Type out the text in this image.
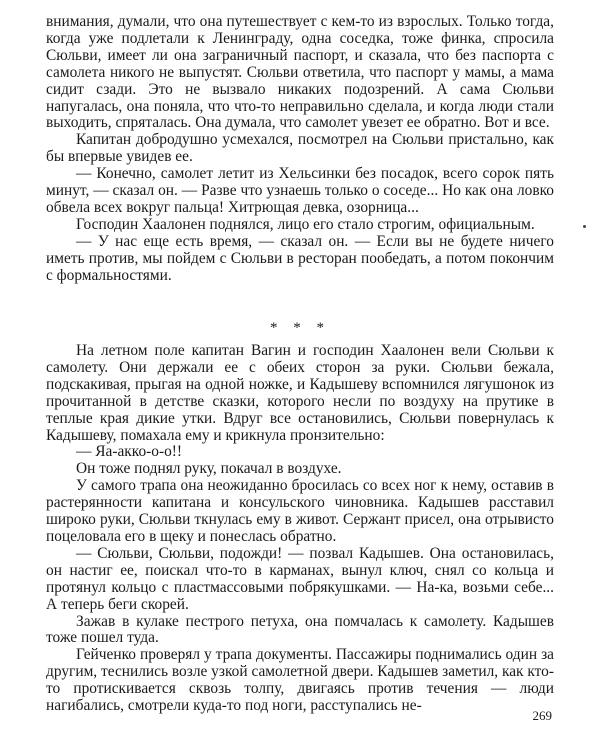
внимания, думали, что она путешествует с кем-то из взрослых. Только тогда, когда уже подлетали к Ленинграду, одна соседка, тоже финка, спросила Сюльви, имеет ли она заграничный паспорт, и сказала, что без паспорта с самолета никого не выпустят. Сюльви ответила, что паспорт у мамы, а мама сидит сзади. Это не вызвало никаких подозрений. А сама Сюльви напугалась, она поняла, что что-то неправильно сделала, и когда люди стали выходить, спряталась. Она думала, что самолет увезет ее обратно. Вот и все.

Капитан добродушно усмехался, посмотрел на Сюльви пристально, как бы впервые увидев ее.

— Конечно, самолет летит из Хельсинки без посадок, всего сорок пять минут, — сказал он. — Разве что узнаешь только о соседе... Но как она ловко обвела всех вокруг пальца! Хитрющая девка, озорница...

Господин Хаалонен поднялся, лицо его стало строгим, официальным.

— У нас еще есть время, — сказал он. — Если вы не будете ничего иметь против, мы пойдем с Сюльви в ресторан пообедать, а потом покончим с формальностями.

* * *

На летном поле капитан Вагин и господин Хаалонен вели Сюльви к самолету. Они держали ее с обеих сторон за руки. Сюльви бежала, подскакивая, прыгая на одной ножке, и Кадышеву вспомнился лягушонок из прочитанной в детстве сказки, которого несли по воздуху на прутике в теплые края дикие утки. Вдруг все остановились, Сюльви повернулась к Кадышеву, помахала ему и крикнула пронзительно:

— Яа-акко-о-о!!

Он тоже поднял руку, покачал в воздухе.

У самого трапа она неожиданно бросилась со всех ног к нему, оставив в растерянности капитана и консульского чиновника. Кадышев расставил широко руки, Сюльви ткнулась ему в живот. Сержант присел, она отрывисто поцеловала его в щеку и понеслась обратно.

— Сюльви, Сюльви, подожди! — позвал Кадышев. Она остановилась, он настиг ее, поискал что-то в карманах, вынул ключ, снял со кольца и протянул кольцо с пластмассовыми побрякушками. — На-ка, возьми себе... А теперь беги скорей.

Зажав в кулаке пестрого петуха, она помчалась к самолету. Кадышев тоже пошел туда.

Гейченко проверял у трапа документы. Пассажиры поднимались один за другим, теснились возле узкой самолетной двери. Кадышев заметил, как кто-то протискивается сквозь толпу, двигаясь против течения — люди нагибались, смотрели куда-то под ноги, расступались не-

269
